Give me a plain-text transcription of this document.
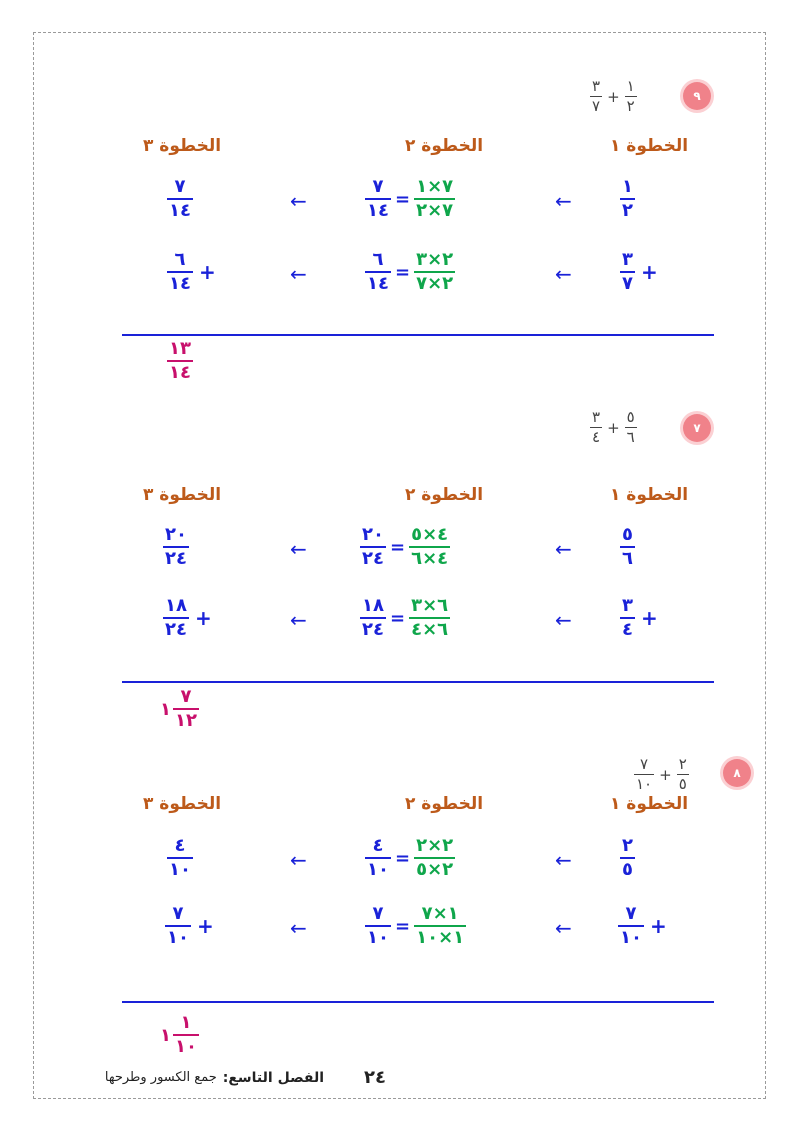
٩
$\frac{٣}{٧} + \frac{١}{٢}$
الخطوة ١
الخطوة ٢
الخطوة ٣
$\frac{١}{٢}$
←
$\frac{٧}{١٤} = \frac{٧\times ١}{٧\times ٢}$
←
$\frac{٧}{١٤}$
$\frac{٣}{٧}$ +
←
$\frac{٦}{١٤} = \frac{٢\times ٣}{٢\times ٧}$
←
$\frac{٦}{١٤}$ +
$\frac{١٣}{١٤}$
٧
$\frac{٣}{٤} + \frac{٥}{٦}$
الخطوة ١
الخطوة ٢
الخطوة ٣
$\frac{٥}{٦}$
←
$\frac{٢٠}{٢٤} = \frac{٤\times ٥}{٤\times ٦}$
←
$\frac{٢٠}{٢٤}$
$\frac{٣}{٤}$ +
←
$\frac{١٨}{٢٤} = \frac{٦\times ٣}{٦\times ٤}$
←
$\frac{١٨}{٢٤}$ +
١ $\frac{٧}{١٢}$
٨
$\frac{٧}{١٠} + \frac{٢}{٥}$
الخطوة ١
الخطوة ٢
الخطوة ٣
$\frac{٢}{٥}$
←
$\frac{٤}{١٠} = \frac{٢\times ٢}{٢\times ٥}$
←
$\frac{٤}{١٠}$
$\frac{٧}{١٠}$ +
←
$\frac{٧}{١٠} = \frac{١\times ٧}{١\times ١٠}$
←
$\frac{٧}{١٠}$ +
١ $\frac{١}{١٠}$
٢٤
الفصل التاسع:
جمع الكسور وطرحها
